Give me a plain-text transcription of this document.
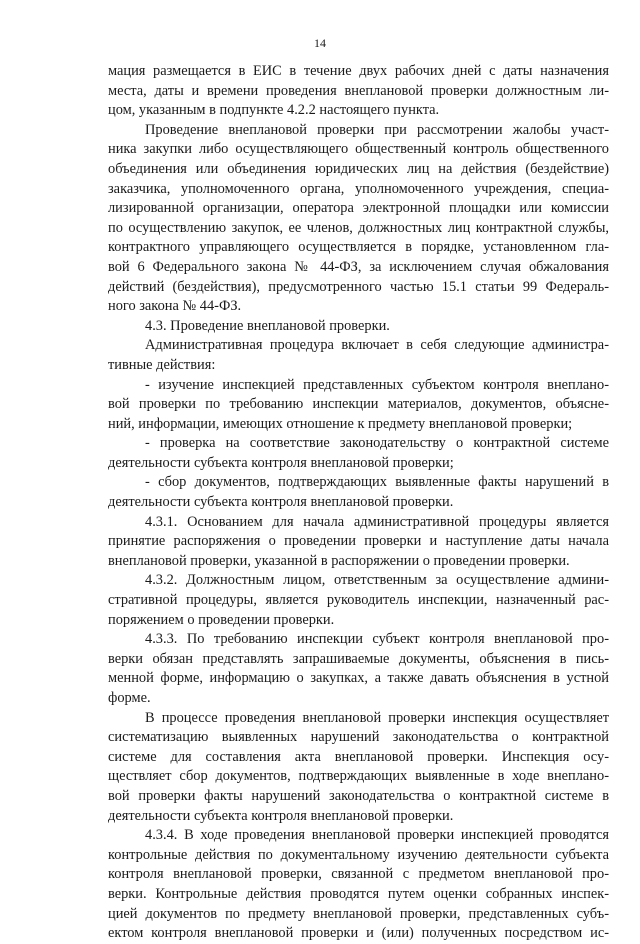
14
мация размещается в ЕИС в течение двух рабочих дней с даты назначения
места, даты и времени проведения внеплановой проверки должностным ли-
цом, указанным в подпункте 4.2.2 настоящего пункта.
Проведение внеплановой проверки при рассмотрении жалобы участ-
ника закупки либо осуществляющего общественный контроль общественного
объединения или объединения юридических лиц на действия (бездействие)
заказчика, уполномоченного органа, уполномоченного учреждения, специа-
лизированной организации, оператора электронной площадки или комиссии
по осуществлению закупок, ее членов, должностных лиц контрактной службы,
контрактного управляющего осуществляется в порядке, установленном гла-
вой 6 Федерального закона № 44-ФЗ, за исключением случая обжалования
действий (бездействия), предусмотренного частью 15.1 статьи 99 Федераль-
ного закона № 44-ФЗ.
4.3. Проведение внеплановой проверки.
Административная процедура включает в себя следующие администра-
тивные действия:
- изучение инспекцией представленных субъектом контроля внеплано-
вой проверки по требованию инспекции материалов, документов, объясне-
ний, информации, имеющих отношение к предмету внеплановой проверки;
- проверка на соответствие законодательству о контрактной системе
деятельности субъекта контроля внеплановой проверки;
- сбор документов, подтверждающих выявленные факты нарушений в
деятельности субъекта контроля внеплановой проверки.
4.3.1. Основанием для начала административной процедуры является
принятие распоряжения о проведении проверки и наступление даты начала
внеплановой проверки, указанной в распоряжении о проведении проверки.
4.3.2. Должностным лицом, ответственным за осуществление админи-
стративной процедуры, является руководитель инспекции, назначенный рас-
поряжением о проведении проверки.
4.3.3. По требованию инспекции субъект контроля внеплановой про-
верки обязан представлять запрашиваемые документы, объяснения в пись-
менной форме, информацию о закупках, а также давать объяснения в устной
форме.
В процессе проведения внеплановой проверки инспекция осуществляет
систематизацию выявленных нарушений законодательства о контрактной
системе для составления акта внеплановой проверки. Инспекция осу-
ществляет сбор документов, подтверждающих выявленные в ходе внеплано-
вой проверки факты нарушений законодательства о контрактной системе в
деятельности субъекта контроля внеплановой проверки.
4.3.4. В ходе проведения внеплановой проверки инспекцией проводятся
контрольные действия по документальному изучению деятельности субъекта
контроля внеплановой проверки, связанной с предметом внеплановой про-
верки. Контрольные действия проводятся путем оценки собранных инспек-
цией документов по предмету внеплановой проверки, представленных субъ-
ектом контроля внеплановой проверки и (или) полученных посредством ис-
